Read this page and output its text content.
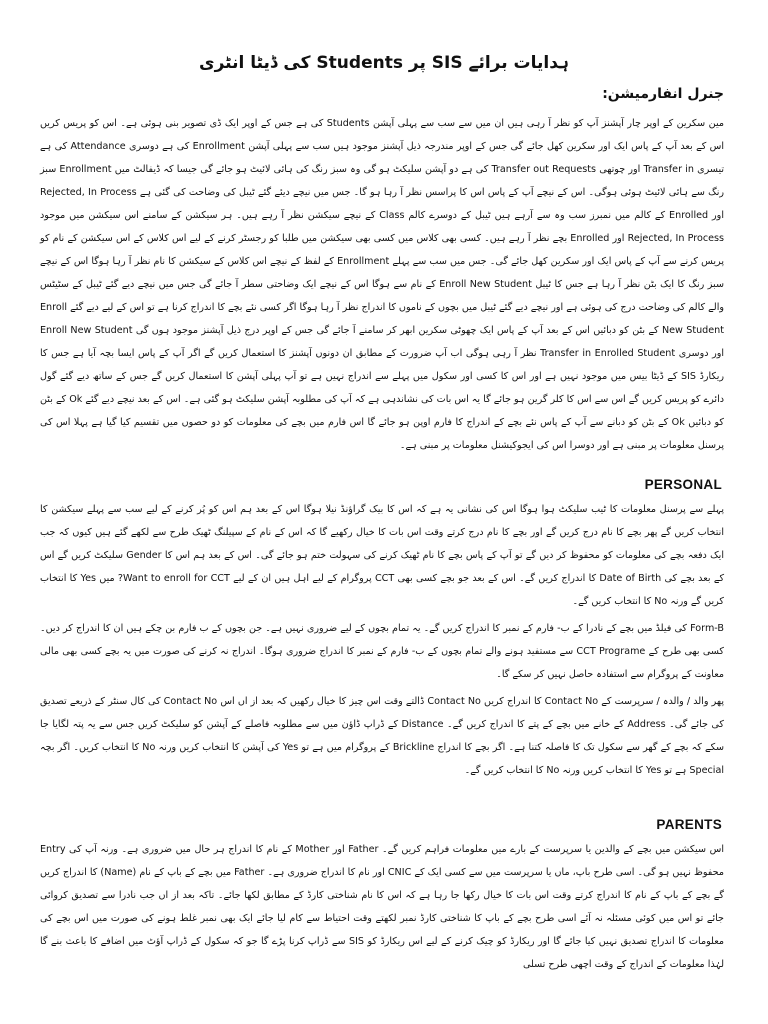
ہدایات برائے SIS پر Students کی ڈیٹا انٹری
جنرل انفارمیشن:

مین سکرین کے اوپر چار آپشنز آپ کو نظر آ رہی ہیں ان میں سے سب سے پہلی آپشن Students کی ہے جس کے اوپر ایک ڈی تصویر بنی ہوئی ہے۔ اس کو پریس کریں اس کے بعد آپ کے پاس ایک اور سکرین کھل جائے گی جس کے اوپر مندرجہ ذیل آپشنز موجود ہیں سب سے پہلی آپشن Enrollment کی ہے دوسری Attendance کی ہے تیسری Transfer in اور چوتھی Transfer out Requests کی ہے دو آپشن سلیکٹ ہو گی وہ سبز رنگ کی ہائی لائیٹ ہو جائے گی جیسا کہ ڈیفالٹ میں Enrollment سبز رنگ سے ہائی لائیٹ ہوئی ہوگی۔ اس کے نیچے آپ کے پاس اس کا پراسس نظر آ رہا ہو گا۔ جس میں نیچے دیئے گئے ٹیبل کی وضاحت کی گئی ہے Rejected, In Process اور Enrolled کے کالم میں نمبرز سب وہ سے آرہے ہیں ٹیبل کے دوسرے کالم Class کے نیچے سیکشن نظر آ رہے ہیں۔ ہر سیکشن کے سامنے اس سیکشن میں موجود Rejected, In Process اور Enrolled بچے نظر آ رہے ہیں۔ کسی بھی کلاس میں کسی بھی سیکشن میں طلبا کو رجسٹر کرنے کے لیے اس کلاس کے اس سیکشن کے نام کو پریس کرنے سے آپ کے پاس ایک اور سکرین کھل جائے گی۔ جس میں سب سے پہلے Enrollment کے لفظ کے نیچے اس کلاس کے سیکشن کا نام نظر آ رہا ہوگا اس کے نیچے سبز رنگ کا ایک بٹن نظر آ رہا ہے جس کا ٹیبل Enroll New Student کے نام سے ہوگا اس کے نیچے ایک وضاحتی سطر آ جائے گی جس میں نیچے دیے گئے ٹیبل کے سٹیٹس والے کالم کی وضاحت درج کی ہوئی ہے اور نیچے دیے گئے ٹیبل میں بچوں کے ناموں کا اندراج نظر آ رہا ہوگا اگر کسی نئے بچے کا اندراج کرنا ہے تو اس کے لیے دیے گئے Enroll New Student کے بٹن کو دبائیں اس کے بعد آپ کے پاس ایک چھوٹی سکرین ابھر کر سامنے آ جائے گی جس کے اوپر درج ذیل آپشنز موجود ہوں گی Enroll New Student اور دوسری Transfer in Enrolled Student نظر آ رہی ہوگی اب آپ ضرورت کے مطابق ان دونوں آپشنز کا استعمال کریں گے اگر آپ کے پاس ایسا بچہ آیا ہے جس کا ریکارڈ SIS کے ڈیٹا بیس میں موجود نہیں ہے اور اس کا کسی اور سکول میں پہلے سے اندراج نہیں ہے تو آپ پہلی آپشن کا استعمال کریں گے جس کے ساتھ دیے گئے گول دائرے کو پریس کریں گے اس سے اس کا کلر گرین ہو جائے گا یہ اس بات کی نشاندہی ہے کہ آپ کی مطلوبہ آپشن سلیکٹ ہو گئی ہے۔ اس کے بعد نیچے دیے گئے Ok کے بٹن کو دبائیں Ok کے بٹن کو دبانے سے آپ کے پاس نئے بچے کے اندراج کا فارم اوپن ہو جائے گا اس فارم میں بچے کی معلومات کو دو حصوں میں تقسیم کیا گیا ہے پہلا اس کی پرسنل معلومات پر مبنی ہے اور دوسرا اس کی ایجوکیشنل معلومات پر مبنی ہے۔

PERSONAL

پہلے سے پرسنل معلومات کا ٹیب سلیکٹ ہوا ہوگا اس کی نشانی یہ ہے کہ اس کا بیک گراؤنڈ نیلا ہوگا اس کے بعد ہم اس کو پُر کرنے کے لیے سب سے پہلے سیکشن کا انتخاب کریں گے پھر بچے کا نام درج کریں گے اور بچے کا نام درج کرتے وقت اس بات کا خیال رکھیے گا کہ اس کے نام کے سپیلنگ ٹھیک طرح سے لکھے گئے ہیں کیوں کہ جب ایک دفعہ بچے کی معلومات کو محفوظ کر دیں گے تو آپ کے پاس بچے کا نام ٹھیک کرنے کی سہولت ختم ہو جائے گی۔ اس کے بعد ہم اس کا Gender سلیکٹ کریں گے اس کے بعد بچے کی Date of Birth کا اندراج کریں گے۔ اس کے بعد جو بچے کسی بھی CCT پروگرام کے لیے اہل ہیں ان کے لیے Want to enroll for CCT? میں Yes کا انتخاب کریں گے ورنہ No کا انتخاب کریں گے۔

Form-B کی فیلڈ میں بچے کے نادرا کے ب- فارم کے نمبر کا اندراج کریں گے۔ یہ تمام بچوں کے لیے ضروری نہیں ہے۔ جن بچوں کے ب فارم بن چکے ہیں ان کا اندراج کر دیں۔ کسی بھی طرح کے CCT Programe سے مستفید ہونے والے تمام بچوں کے ب- فارم کے نمبر کا اندراج ضروری ہوگا۔ اندراج نہ کرنے کی صورت میں یہ بچے کسی بھی مالی معاونت کے پروگرام سے استفادہ حاصل نہیں کر سکے گا۔

پھر والد / والدہ / سرپرست کے Contact No کا اندراج کریں Contact No ڈالتے وقت اس چیز کا خیال رکھیں کہ بعد از اں اس Contact No کی کال سنٹر کے ذریعے تصدیق کی جائے گی۔ Address کے خانے میں بچے کے پتے کا اندراج کریں گے۔ Distance کے ڈراپ ڈاؤن میں سے مطلوبہ فاصلے کے آپشن کو سلیکٹ کریں جس سے یہ پتہ لگایا جا سکے کہ بچے کے گھر سے سکول تک کا فاصلہ کتنا ہے۔ اگر بچے کا اندراج Brickline کے پروگرام میں ہے تو Yes کی آپشن کا انتخاب کریں ورنہ No کا انتخاب کریں۔ اگر بچہ Special ہے تو Yes کا انتخاب کریں ورنہ No کا انتخاب کریں گے۔

PARENTS

اس سیکشن میں بچے کے والدین یا سرپرست کے بارے میں معلومات فراہم کریں گے۔ Father اور Mother کے نام کا اندراج ہر حال میں ضروری ہے۔ ورنہ آپ کی Entry محفوظ نہیں ہو گی۔ اسی طرح باپ، ماں یا سرپرست میں سے کسی ایک کے CNIC اور نام کا اندراج ضروری ہے۔ Father میں بچے کے باپ کے نام (Name) کا اندراج کریں گے بچے کے باپ کے نام کا اندراج کرتے وقت اس بات کا خیال رکھا جا رہا ہے کہ اس کا نام شناختی کارڈ کے مطابق لکھا جائے۔ تاکہ بعد از اں جب نادرا سے تصدیق کروائی جائے تو اس میں کوئی مسئلہ نہ آئے اسی طرح بچے کے باپ کا شناختی کارڈ نمبر لکھتے وقت احتیاط سے کام لیا جائے ایک بھی نمبر غلط ہونے کی صورت میں اس بچے کی معلومات کا اندراج تصدیق نہیں کیا جائے گا اور ریکارڈ کو چیک کرنے کے لیے اس ریکارڈ کو SIS سے ڈراپ کرنا پڑے گا جو کہ سکول کے ڈراپ آؤٹ میں اضافے کا باعث بنے گا لہٰذا معلومات کے اندراج کے وقت اچھی طرح تسلی
